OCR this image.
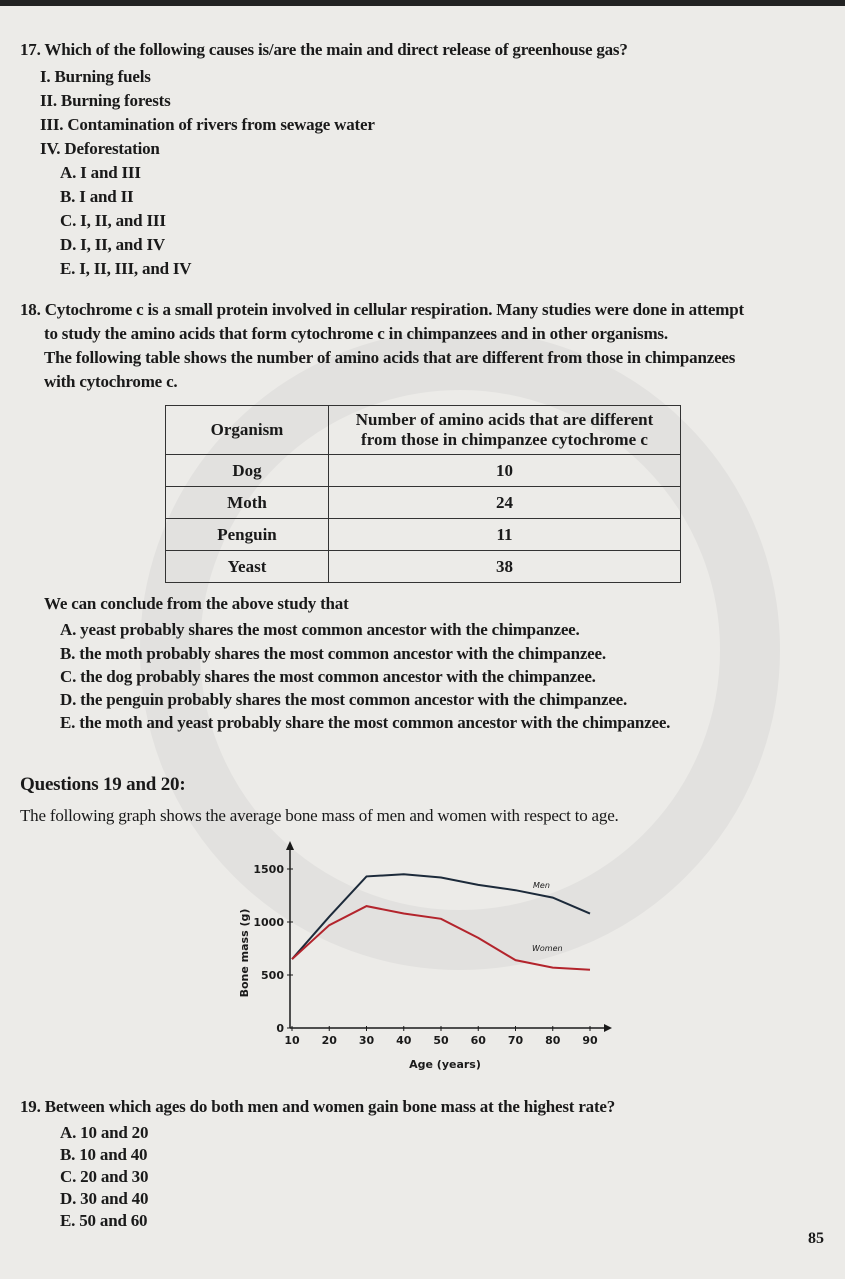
17. Which of the following causes is/are the main and direct release of greenhouse gas?
I. Burning fuels
II. Burning forests
III. Contamination of rivers from sewage water
IV. Deforestation
A. I and III
B. I and II
C. I, II, and III
D. I, II, and IV
E. I, II, III, and IV
18. Cytochrome c is a small protein involved in cellular respiration. Many studies were done in attempt
to study the amino acids that form cytochrome c in chimpanzees and in other organisms.
The following table shows the number of amino acids that are different from those in chimpanzees
with cytochrome c.
Organism	Number of amino acids that are different
from those in chimpanzee cytochrome c

Dog	10
Moth	24
Penguin	11
Yeast	38
We can conclude from the above study that
A. yeast probably shares the most common ancestor with the chimpanzee.
B. the moth probably shares the most common ancestor with the chimpanzee.
C. the dog probably shares the most common ancestor with the chimpanzee.
D. the penguin probably shares the most common ancestor with the chimpanzee.
E. the moth and yeast probably share the most common ancestor with the chimpanzee.
Questions 19 and 20:
The following graph shows the average bone mass of men and women with respect to age.
0
500
1000
1500
10 20 30 40 50 60 70 80 90
Men
Women
Age (years)
Bone mass (g)
19. Between which ages do both men and women gain bone mass at the highest rate?
A. 10 and 20
B. 10 and 40
C. 20 and 30
D. 30 and 40
E. 50 and 60
85
